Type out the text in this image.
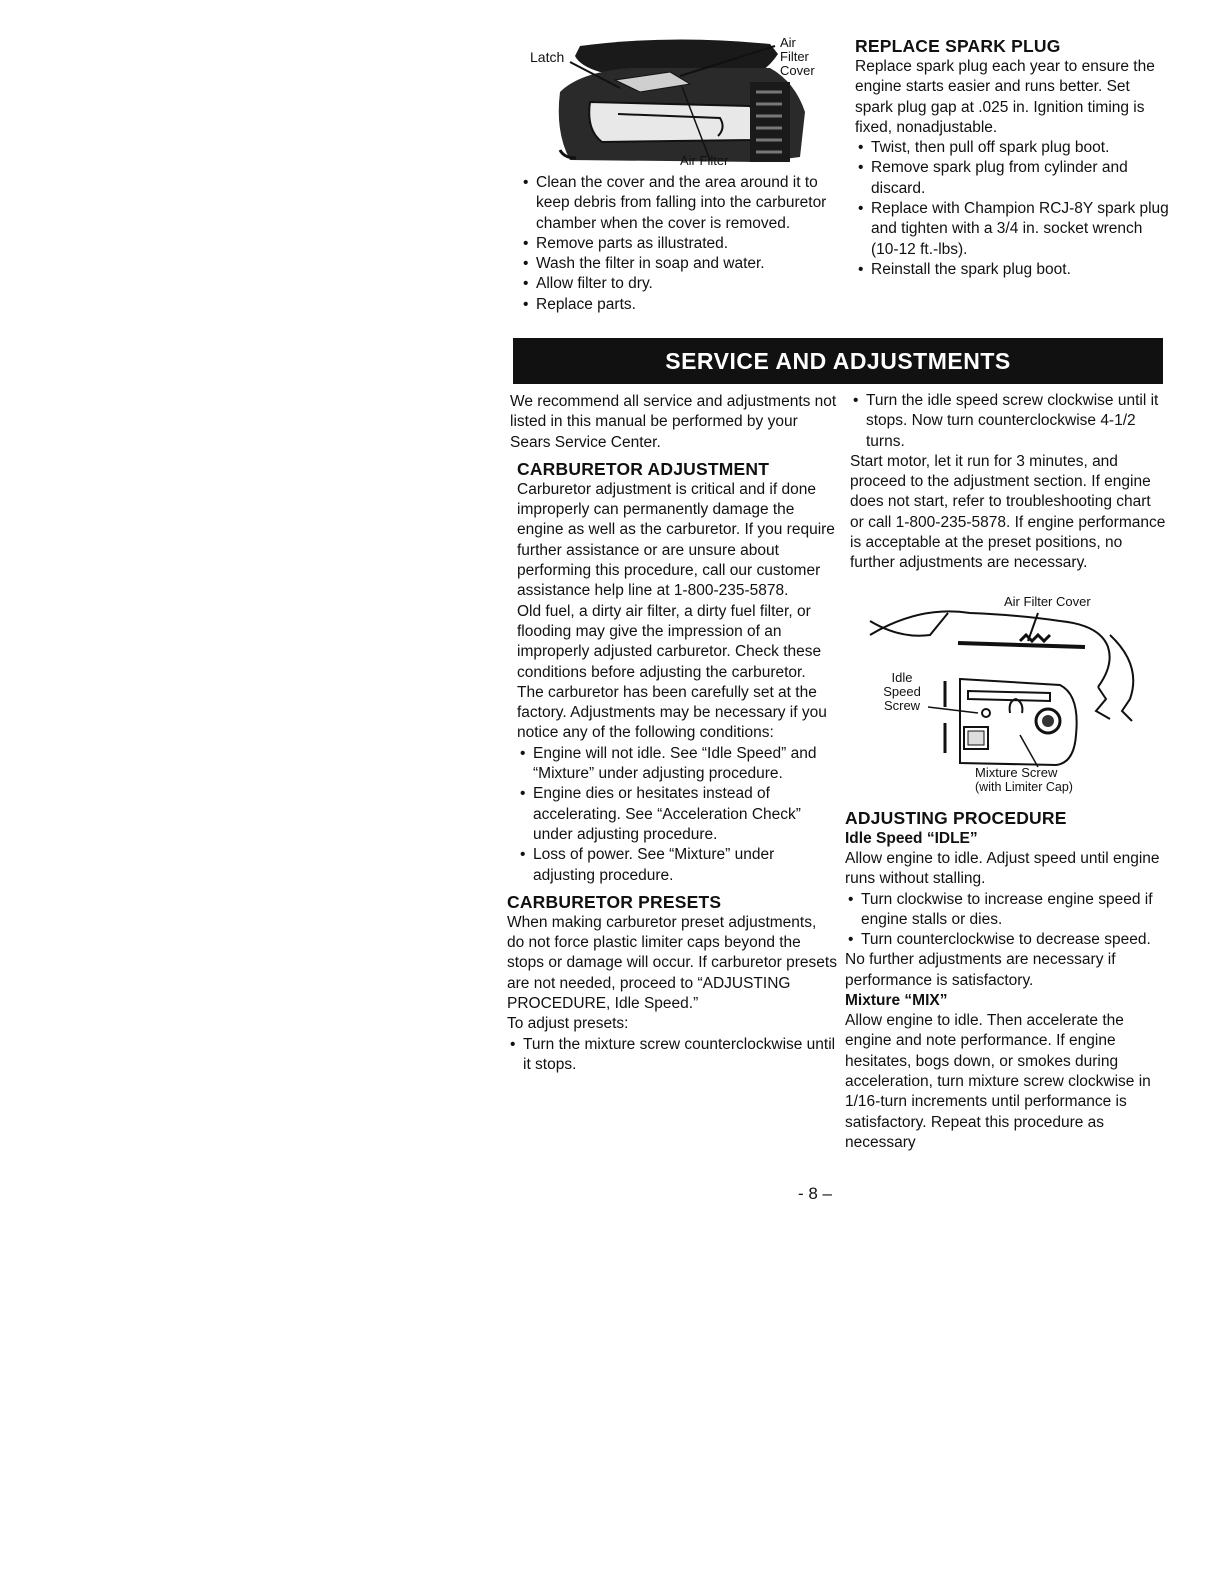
Latch
Air
Filter
Cover
Air Filter
• Clean the cover and the area around it to keep debris from falling into the carburetor chamber when the cover is removed.
• Remove parts as illustrated.
• Wash the filter in soap and water.
• Allow filter to dry.
• Replace parts.
REPLACE SPARK PLUG

Replace spark plug each year to ensure the engine starts easier and runs better. Set spark plug gap at .025 in. Ignition timing is fixed, nonadjustable.

• Twist, then pull off spark plug boot.
• Remove spark plug from cylinder and discard.
• Replace with Champion RCJ-8Y spark plug and tighten with a 3/4 in. socket wrench (10-12 ft.-lbs).
• Reinstall the spark plug boot.
SERVICE AND ADJUSTMENTS

We recommend all service and adjustments not listed in this manual be performed by your Sears Service Center.

CARBURETOR ADJUSTMENT

Carburetor adjustment is critical and if done improperly can permanently damage the engine as well as the carburetor. If you require further assistance or are unsure about performing this procedure, call our customer assistance help line at 1-800-235-5878.

Old fuel, a dirty air filter, a dirty fuel filter, or flooding may give the impression of an improperly adjusted carburetor. Check these conditions before adjusting the carburetor.

The carburetor has been carefully set at the factory. Adjustments may be necessary if you notice any of the following conditions:

• Engine will not idle. See “Idle Speed” and “Mixture” under adjusting procedure.
• Engine dies or hesitates instead of accelerating. See “Acceleration Check” under adjusting procedure.
• Loss of power. See “Mixture” under adjusting procedure.
CARBURETOR PRESETS

When making carburetor preset adjustments, do not force plastic limiter caps beyond the stops or damage will occur. If carburetor presets are not needed, proceed to “ADJUSTING PROCEDURE, Idle Speed.”

To adjust presets:

• Turn the mixture screw counterclockwise until it stops.
• Turn the idle speed screw clockwise until it stops. Now turn counterclockwise 4-1/2 turns.

Start motor, let it run for 3 minutes, and proceed to the adjustment section. If engine does not start, refer to troubleshooting chart or call 1-800-235-5878. If engine performance is acceptable at the preset positions, no further adjustments are necessary.

Air Filter Cover
Idle
Speed
Screw
Mixture Screw
(with Limiter Cap)
ADJUSTING PROCEDURE
Idle Speed “IDLE”

Allow engine to idle. Adjust speed until engine runs without stalling.

• Turn clockwise to increase engine speed if engine stalls or dies.
• Turn counterclockwise to decrease speed.

No further adjustments are necessary if performance is satisfactory.

Mixture “MIX”

Allow engine to idle. Then accelerate the engine and note performance. If engine hesitates, bogs down, or smokes during acceleration, turn mixture screw clockwise in 1/16-turn increments until performance is satisfactory. Repeat this procedure as necessary

- 8 –
